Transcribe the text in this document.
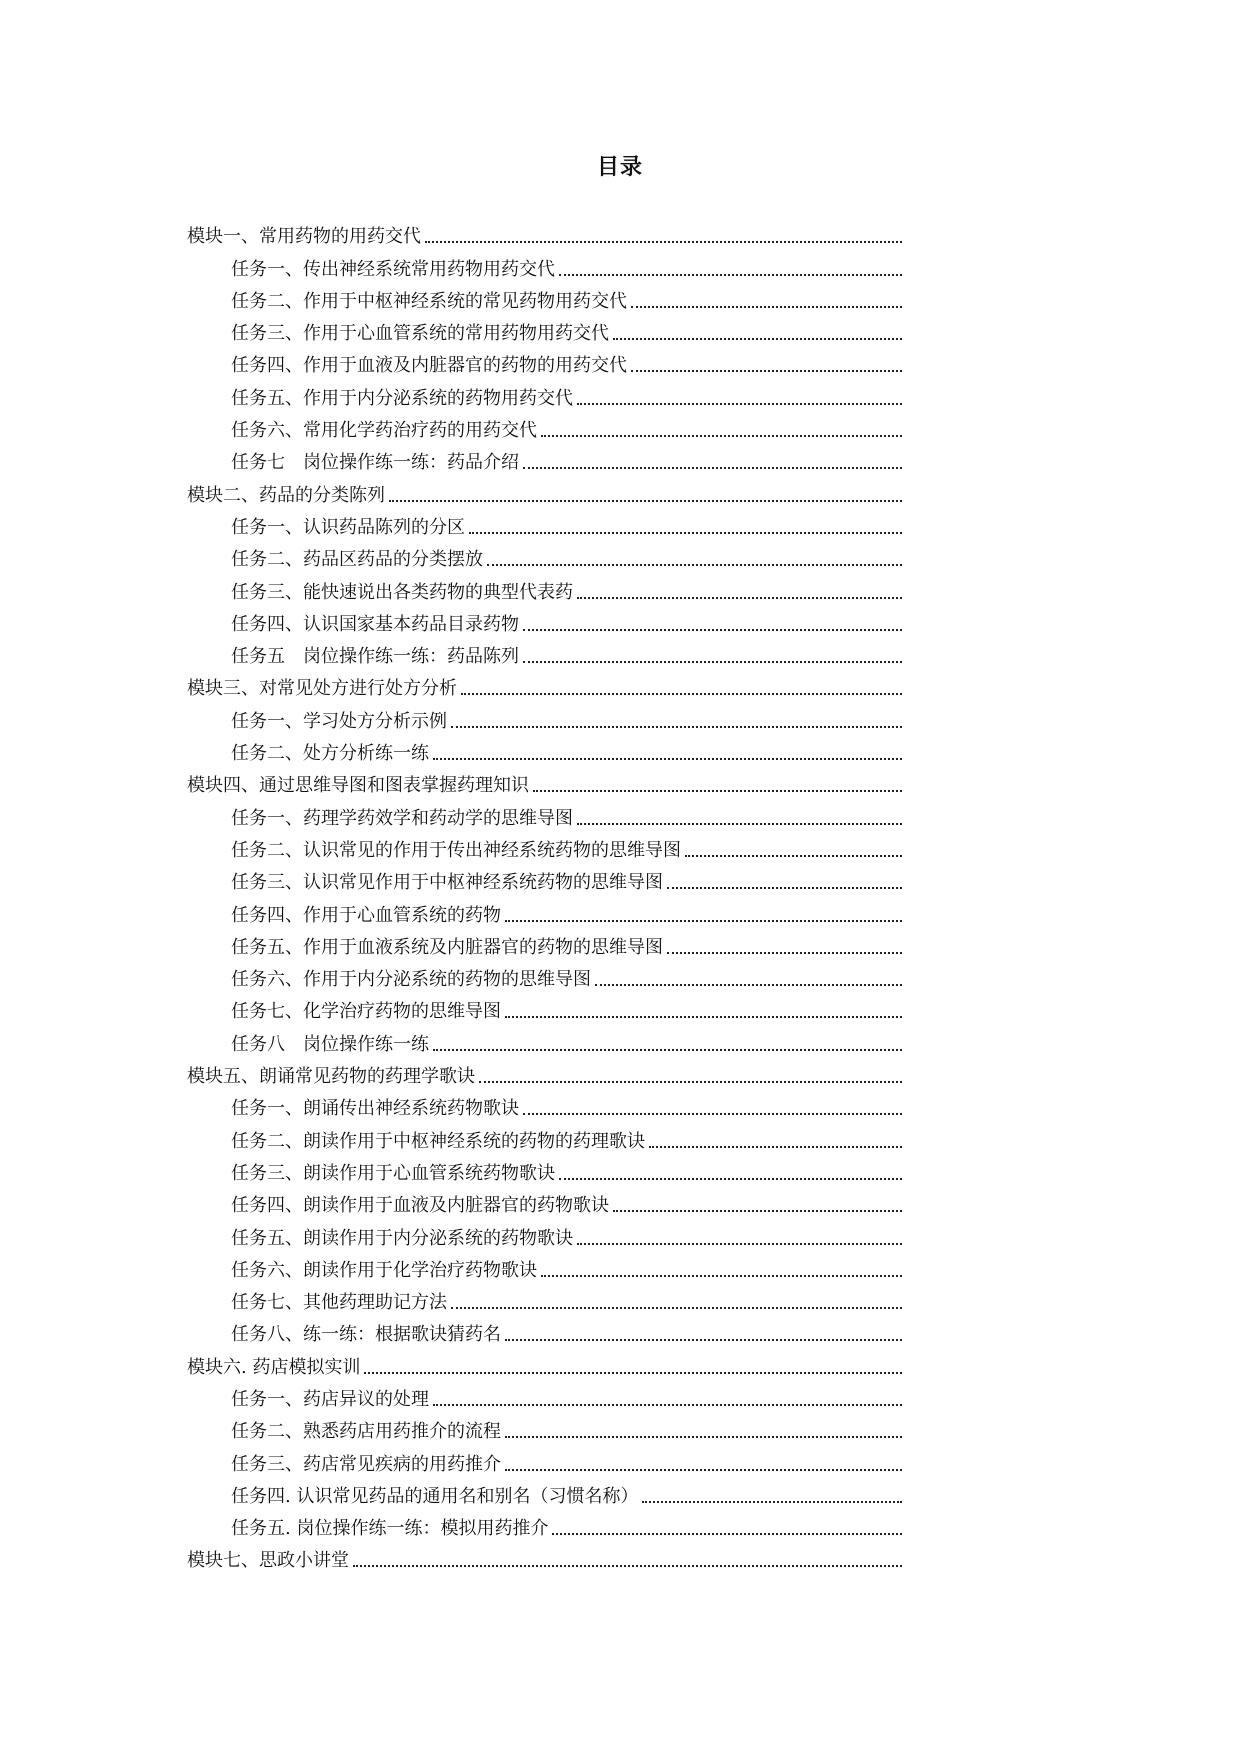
目录
模块一、常用药物的用药交代
任务一、传出神经系统常用药物用药交代
任务二、作用于中枢神经系统的常见药物用药交代
任务三、作用于心血管系统的常用药物用药交代
任务四、作用于血液及内脏器官的药物的用药交代
任务五、作用于内分泌系统的药物用药交代
任务六、常用化学药治疗药的用药交代
任务七　岗位操作练一练：药品介绍
模块二、药品的分类陈列
任务一、认识药品陈列的分区
任务二、药品区药品的分类摆放
任务三、能快速说出各类药物的典型代表药
任务四、认识国家基本药品目录药物
任务五　岗位操作练一练：药品陈列
模块三、对常见处方进行处方分析
任务一、学习处方分析示例
任务二、处方分析练一练
模块四、通过思维导图和图表掌握药理知识
任务一、药理学药效学和药动学的思维导图
任务二、认识常见的作用于传出神经系统药物的思维导图
任务三、认识常见作用于中枢神经系统药物的思维导图
任务四、作用于心血管系统的药物
任务五、作用于血液系统及内脏器官的药物的思维导图
任务六、作用于内分泌系统的药物的思维导图
任务七、化学治疗药物的思维导图
任务八　岗位操作练一练
模块五、朗诵常见药物的药理学歌诀
任务一、朗诵传出神经系统药物歌诀
任务二、朗读作用于中枢神经系统的药物的药理歌诀
任务三、朗读作用于心血管系统药物歌诀
任务四、朗读作用于血液及内脏器官的药物歌诀
任务五、朗读作用于内分泌系统的药物歌诀
任务六、朗读作用于化学治疗药物歌诀
任务七、其他药理助记方法
任务八、练一练：根据歌诀猜药名
模块六. 药店模拟实训
任务一、药店异议的处理
任务二、熟悉药店用药推介的流程
任务三、药店常见疾病的用药推介
任务四. 认识常见药品的通用名和别名（习惯名称）
任务五. 岗位操作练一练：模拟用药推介
模块七、思政小讲堂
